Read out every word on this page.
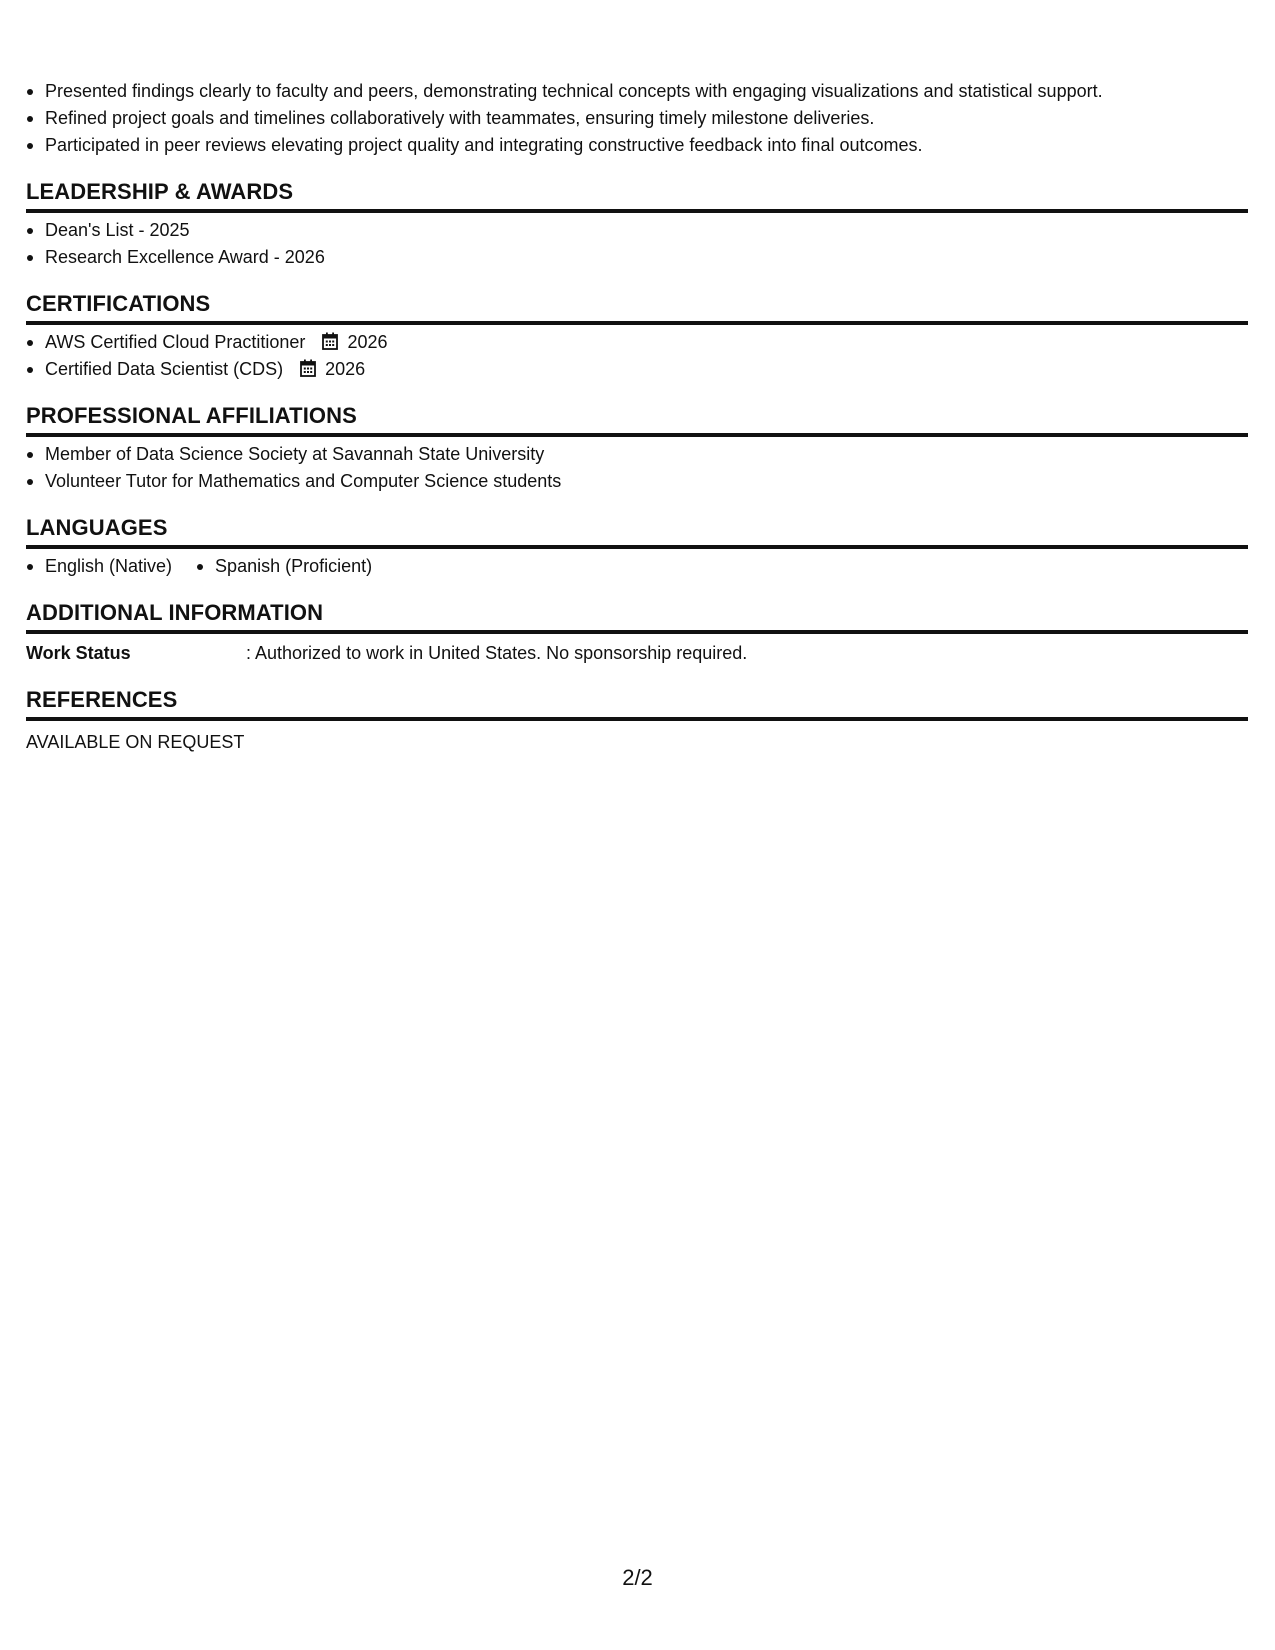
Presented findings clearly to faculty and peers, demonstrating technical concepts with engaging visualizations and statistical support.
Refined project goals and timelines collaboratively with teammates, ensuring timely milestone deliveries.
Participated in peer reviews elevating project quality and integrating constructive feedback into final outcomes.
LEADERSHIP & AWARDS
Dean's List - 2025
Research Excellence Award - 2026
CERTIFICATIONS
AWS Certified Cloud Practitioner 2026
Certified Data Scientist (CDS) 2026
PROFESSIONAL AFFILIATIONS
Member of Data Science Society at Savannah State University
Volunteer Tutor for Mathematics and Computer Science students
LANGUAGES
English (Native)	Spanish (Proficient)
ADDITIONAL INFORMATION
Work Status	: Authorized to work in United States. No sponsorship required.
REFERENCES
AVAILABLE ON REQUEST
2/2
